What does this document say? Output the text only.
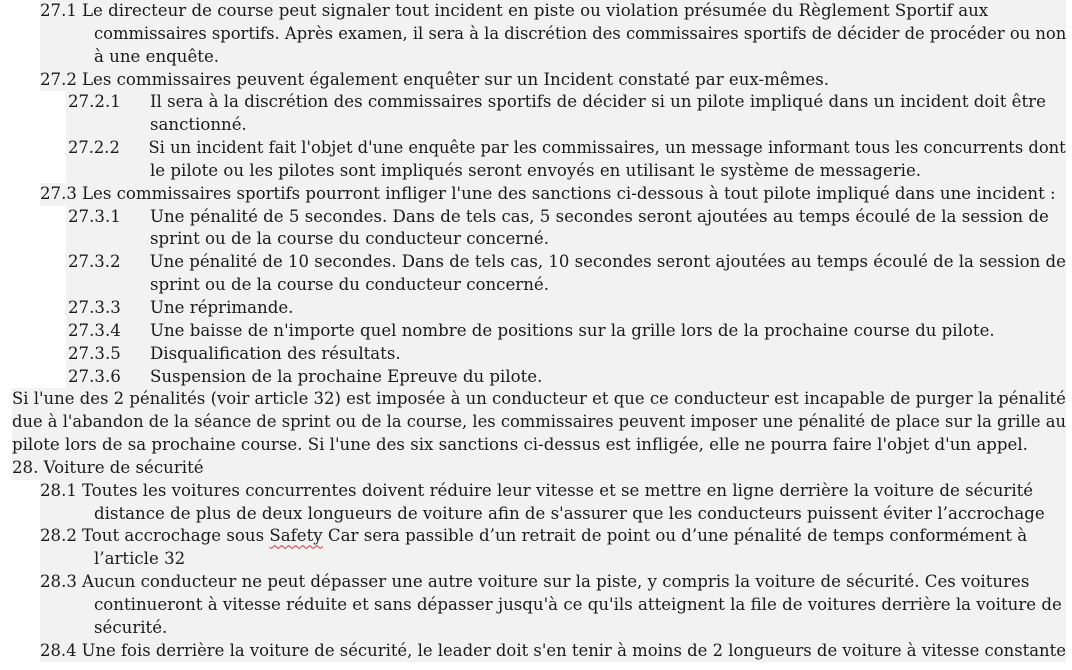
27.1 Le directeur de course peut signaler tout incident en piste ou violation présumée du Règlement Sportif aux
commissaires sportifs. Après examen, il sera à la discrétion des commissaires sportifs de décider de procéder ou non
à une enquête.
27.2 Les commissaires peuvent également enquêter sur un Incident constaté par eux-mêmes.
27.2.1 Il sera à la discrétion des commissaires sportifs de décider si un pilote impliqué dans un incident doit être
sanctionné.
27.2.2 Si un incident fait l'objet d'une enquête par les commissaires, un message informant tous les concurrents dont
le pilote ou les pilotes sont impliqués seront envoyés en utilisant le système de messagerie.
27.3 Les commissaires sportifs pourront infliger l'une des sanctions ci-dessous à tout pilote impliqué dans une incident :
27.3.1 Une pénalité de 5 secondes. Dans de tels cas, 5 secondes seront ajoutées au temps écoulé de la session de
sprint ou de la course du conducteur concerné.
27.3.2 Une pénalité de 10 secondes. Dans de tels cas, 10 secondes seront ajoutées au temps écoulé de la session de
sprint ou de la course du conducteur concerné.
27.3.3 Une réprimande.
27.3.4 Une baisse de n'importe quel nombre de positions sur la grille lors de la prochaine course du pilote.
27.3.5 Disqualification des résultats.
27.3.6 Suspension de la prochaine Epreuve du pilote.
Si l'une des 2 pénalités (voir article 32) est imposée à un conducteur et que ce conducteur est incapable de purger la pénalité
due à l'abandon de la séance de sprint ou de la course, les commissaires peuvent imposer une pénalité de place sur la grille au
pilote lors de sa prochaine course. Si l'une des six sanctions ci-dessus est infligée, elle ne pourra faire l'objet d'un appel.
28. Voiture de sécurité
28.1 Toutes les voitures concurrentes doivent réduire leur vitesse et se mettre en ligne derrière la voiture de sécurité
distance de plus de deux longueurs de voiture afin de s'assurer que les conducteurs puissent éviter l’accrochage
28.2 Tout accrochage sous Safety Car sera passible d’un retrait de point ou d’une pénalité de temps conformément à
l’article 32
28.3 Aucun conducteur ne peut dépasser une autre voiture sur la piste, y compris la voiture de sécurité. Ces voitures
continueront à vitesse réduite et sans dépasser jusqu'à ce qu'ils atteignent la file de voitures derrière la voiture de
sécurité.
28.4 Une fois derrière la voiture de sécurité, le leader doit s'en tenir à moins de 2 longueurs de voiture à vitesse constante
